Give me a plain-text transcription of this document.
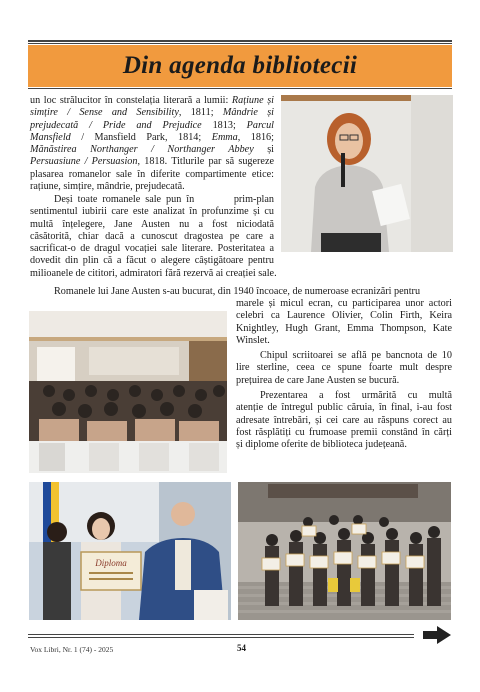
Din agenda bibliotecii
un loc strălucitor în constelația literară a lumii: Rațiune și
simțire / Sense and Sensibility, 1811; Mândrie și
prejudecată / Pride and Prejudice 1813; Parcul
Mansfield / Mansfield Park, 1814; Emma, 1816;
Mănăstirea Northanger / Northanger Abbey și
Persuasiune / Persuasion, 1818. Titlurile par să sugereze
plasarea romanelor sale în diferite compartimente etice:
rațiune, simțire, mândrie, prejudecată.
Deși toate romanele sale pun în        prim-plan
sentimentul iubirii care este analizat în profunzime și cu
multă înțelegere, Jane Austen nu a fost niciodată
căsătorită, chiar dacă a cunoscut dragostea pe care a
sacrificat-o de dragul vocației sale literare. Posteritatea a
dovedit din plin că a făcut o alegere câștigătoare pentru
milioanele de cititori, admiratori fără rezervă ai creației sale.
Romanele lui Jane Austen s-au bucurat, din 1940 încoace, de numeroase ecranizări pentru
marele și micul ecran, cu participarea unor actori
celebri ca Laurence Olivier, Colin Firth, Keira
Knightley, Hugh Grant, Emma Thompson, Kate
Winslet.
Chipul scriitoarei se află pe bancnota de 10
lire sterline, ceea ce spune foarte mult despre
prețuirea de care Jane Austen se bucură.
Prezentarea a fost urmărită cu multă
atenție de întregul public căruia, în final, i-au fost
adresate întrebări, și cei care au răspuns corect au
fost răsplătiți cu frumoase premii constând în cărți
și diplome oferite de biblioteca județeană.
Diploma
Vox Libri, Nr. 1 (74) - 2025	54
